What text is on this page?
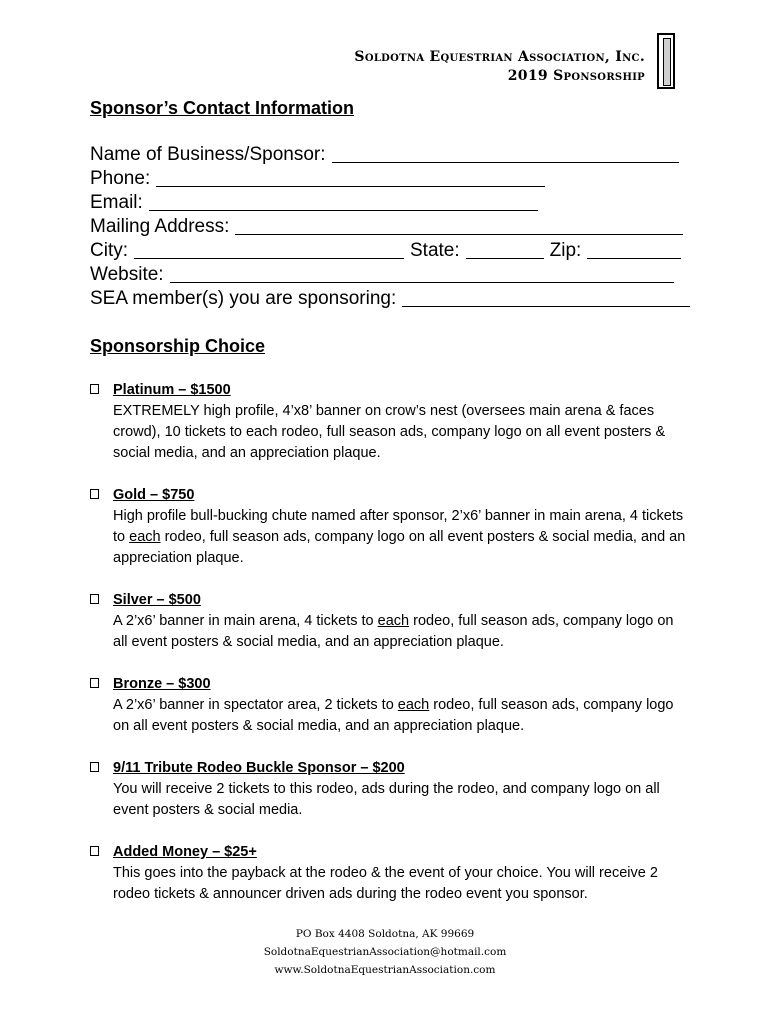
Soldotna Equestrian Association, Inc.
2019 Sponsorship
Sponsor’s Contact Information
Name of Business/Sponsor:
Phone:
Email:
Mailing Address:
City:	State:	Zip:
Website:
SEA member(s) you are sponsoring:
Sponsorship Choice
Platinum – $1500
EXTREMELY high profile, 4’x8’ banner on crow’s nest (oversees main arena & faces crowd), 10 tickets to each rodeo, full season ads, company logo on all event posters & social media, and an appreciation plaque.
Gold – $750
High profile bull-bucking chute named after sponsor, 2’x6’ banner in main arena, 4 tickets to each rodeo, full season ads, company logo on all event posters & social media, and an appreciation plaque.
Silver – $500
A 2’x6’ banner in main arena, 4 tickets to each rodeo, full season ads, company logo on all event posters & social media, and an appreciation plaque.
Bronze – $300
A 2’x6’ banner in spectator area, 2 tickets to each rodeo, full season ads, company logo on all event posters & social media, and an appreciation plaque.
9/11 Tribute Rodeo Buckle Sponsor – $200
You will receive 2 tickets to this rodeo, ads during the rodeo, and company logo on all event posters & social media.
Added Money – $25+
This goes into the payback at the rodeo & the event of your choice. You will receive 2 rodeo tickets & announcer driven ads during the rodeo event you sponsor.
PO Box 4408 Soldotna, AK 99669
SoldotnaEquestrianAssociation@hotmail.com
www.SoldotnaEquestrianAssociation.com
